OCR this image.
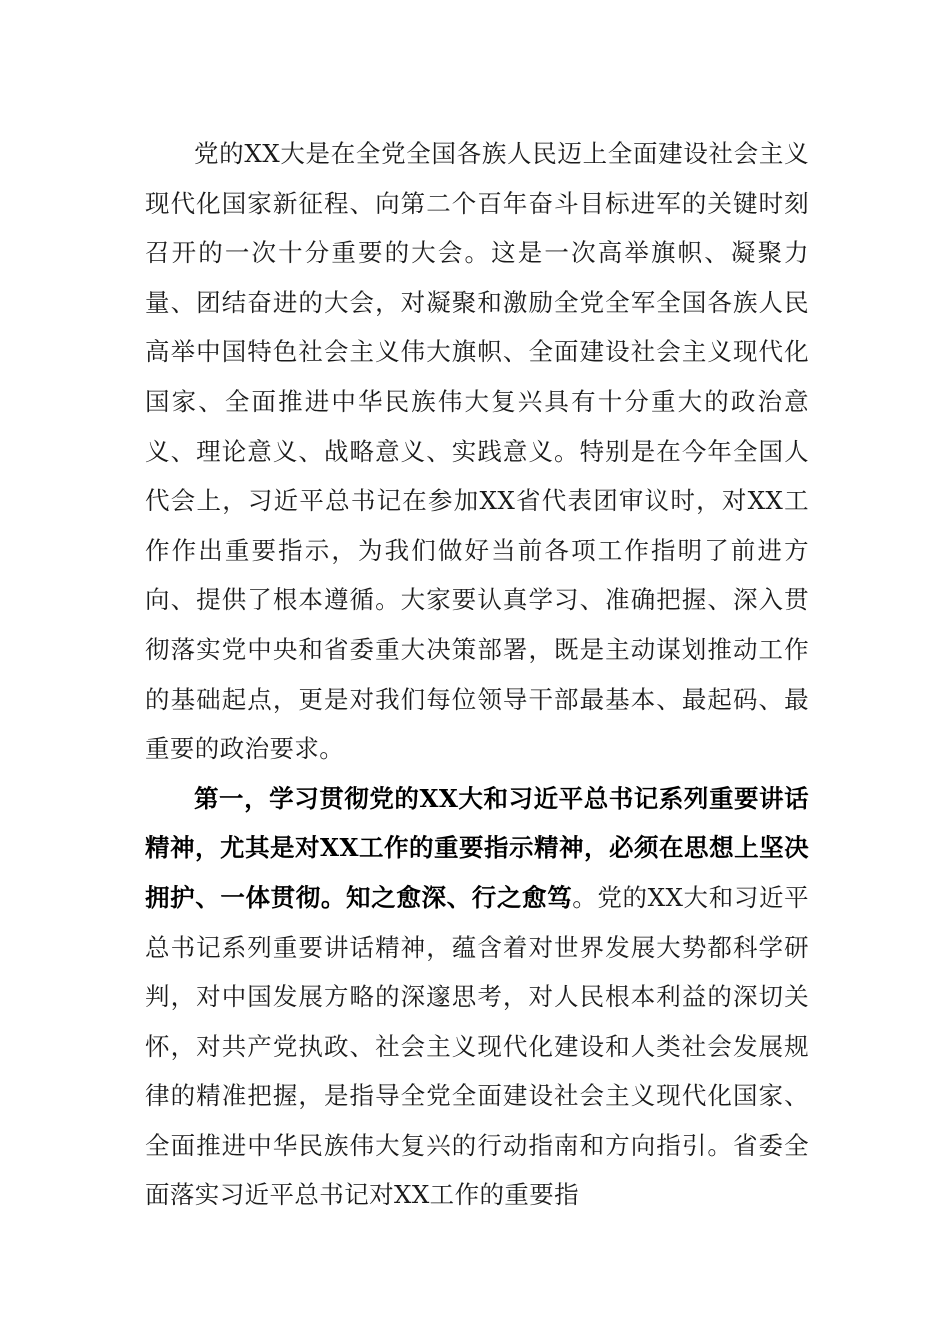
党的XX大是在全党全国各族人民迈上全面建设社会主义现代化国家新征程、向第二个百年奋斗目标进军的关键时刻召开的一次十分重要的大会。这是一次高举旗帜、凝聚力量、团结奋进的大会，对凝聚和激励全党全军全国各族人民高举中国特色社会主义伟大旗帜、全面建设社会主义现代化国家、全面推进中华民族伟大复兴具有十分重大的政治意义、理论意义、战略意义、实践意义。特别是在今年全国人代会上，习近平总书记在参加XX省代表团审议时，对XX工作作出重要指示，为我们做好当前各项工作指明了前进方向、提供了根本遵循。大家要认真学习、准确把握、深入贯彻落实党中央和省委重大决策部署，既是主动谋划推动工作的基础起点，更是对我们每位领导干部最基本、最起码、最重要的政治要求。

第一，学习贯彻党的XX大和习近平总书记系列重要讲话精神，尤其是对XX工作的重要指示精神，必须在思想上坚决拥护、一体贯彻。知之愈深、行之愈笃。党的XX大和习近平总书记系列重要讲话精神，蕴含着对世界发展大势都科学研判，对中国发展方略的深邃思考，对人民根本利益的深切关怀，对共产党执政、社会主义现代化建设和人类社会发展规律的精准把握，是指导全党全面建设社会主义现代化国家、全面推进中华民族伟大复兴的行动指南和方向指引。省委全面落实习近平总书记对XX工作的重要指
